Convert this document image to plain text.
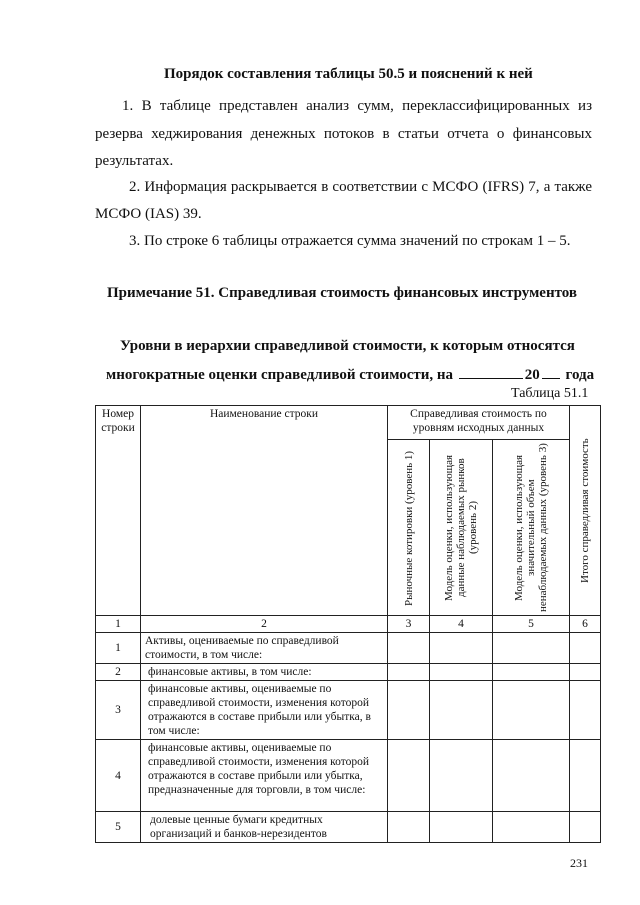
Порядок составления таблицы 50.5 и пояснений к ней
1. В таблице представлен анализ сумм, переклассифицированных из
резерва хеджирования денежных потоков в статьи отчета о финансовых
результатах.
2. Информация раскрывается в соответствии с МСФО (IFRS) 7, а также
МСФО (IAS) 39.
3. По строке 6 таблицы отражается сумма значений по строкам 1 – 5.
Примечание 51. Справедливая стоимость финансовых инструментов
Уровни в иерархии справедливой стоимости, к которым относятся
многократные оценки справедливой стоимости, на	20 года
Таблица 51.1
Номер строки	Наименование строки	Справедливая стоимость по уровням исходных данных			Итого справедливая стоимость

		Рыночные котировки (уровень 1)	Модель оценки, использующая данные наблюдаемых рынков (уровень 2)	Модель оценки, использующая значительный объем ненаблюдаемых данных (уровень 3)	

1	2	3	4	5	6
1	Активы, оцениваемые по справедливой стоимости, в том числе:				
2	финансовые активы, в том числе:				
3	финансовые активы, оцениваемые по справедливой стоимости, изменения которой отражаются в составе прибыли или убытка, в том числе:				
4	финансовые активы, оцениваемые по справедливой стоимости, изменения которой отражаются в составе прибыли или убытка, предназначенные для торговли, в том числе:				
5	долевые ценные бумаги кредитных организаций и банков-нерезидентов				
231
